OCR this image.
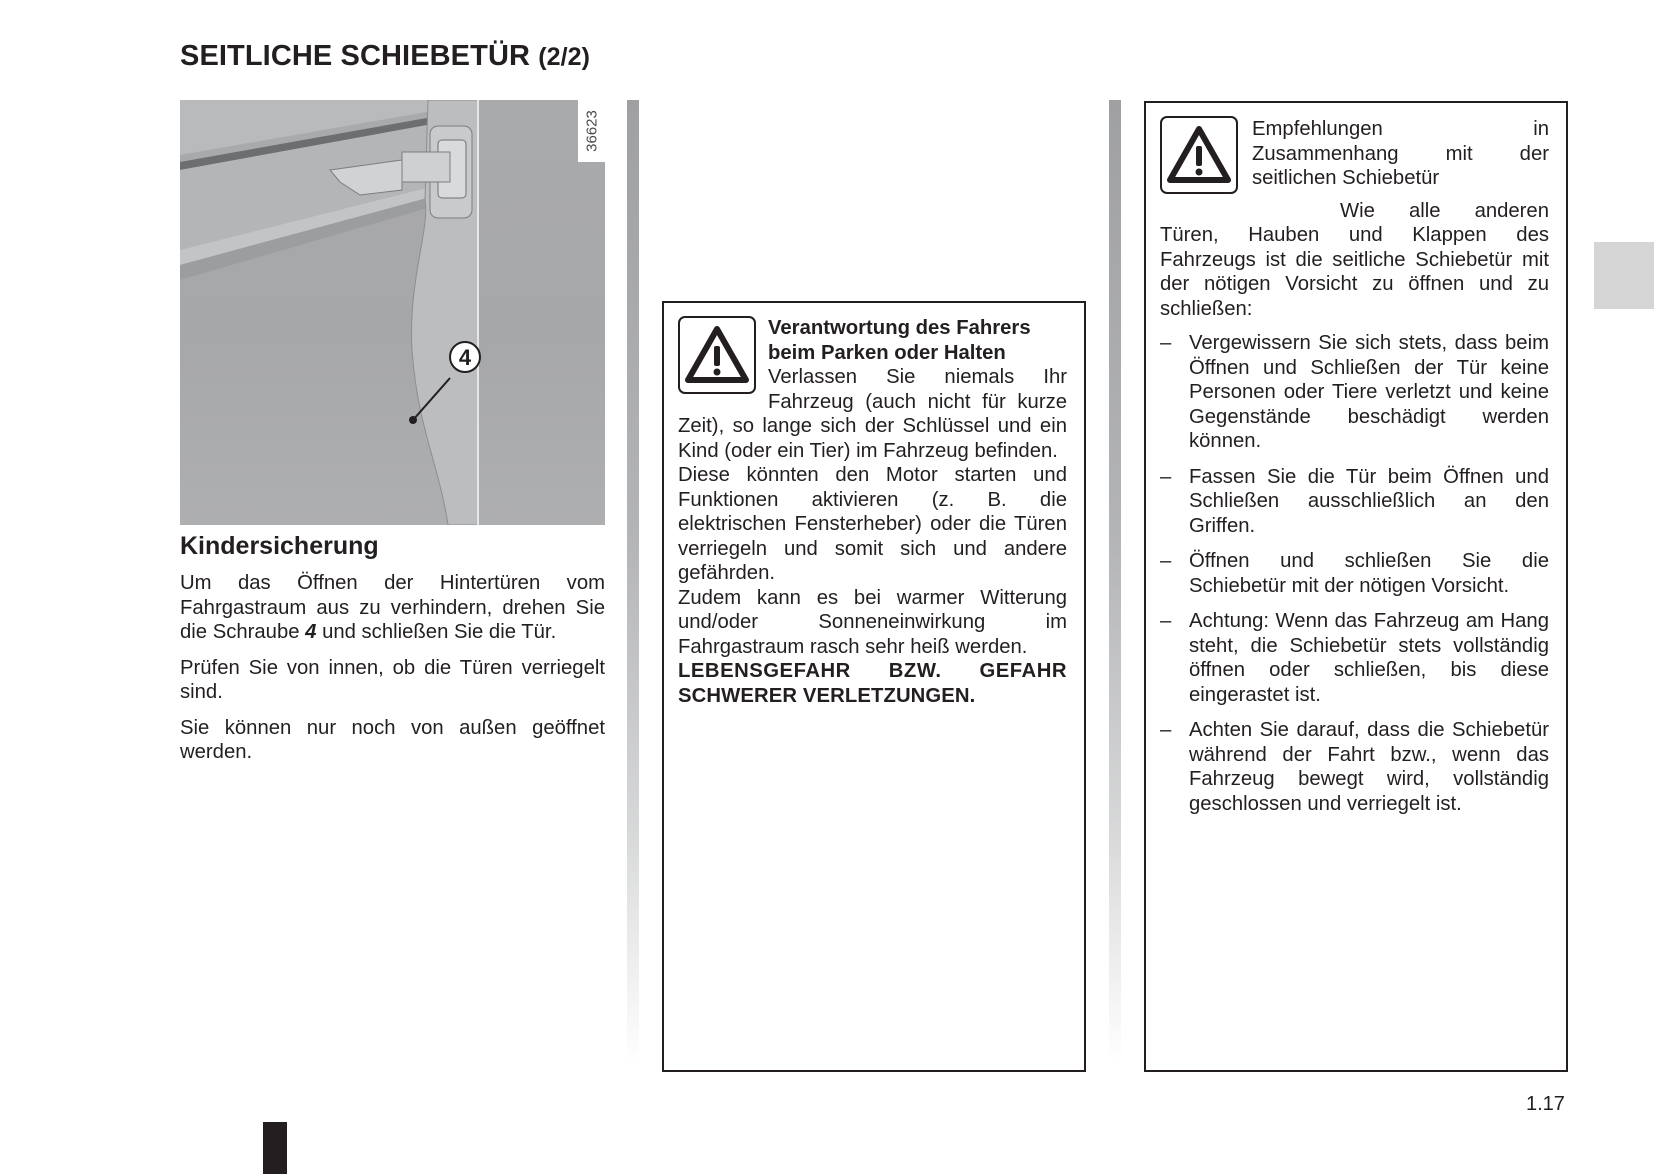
SEITLICHE SCHIEBETÜR (2/2)
4
36623
Kindersicherung

Um das Öffnen der Hintertüren vom Fahrgastraum aus zu verhindern, drehen Sie die Schraube 4 und schließen Sie die Tür.

Prüfen Sie von innen, ob die Türen verriegelt sind.

Sie können nur noch von außen geöffnet werden.

Verantwortung des Fahrers beim Parken oder Halten
Verlassen Sie niemals Ihr Fahrzeug (auch nicht für kurze Zeit), so lange sich der Schlüssel und ein Kind (oder ein Tier) im Fahrzeug befinden.
Diese könnten den Motor starten und Funktionen aktivieren (z. B. die elektrischen Fensterheber) oder die Türen verriegeln und somit sich und andere gefährden.
Zudem kann es bei warmer Witterung und/oder Sonneneinwirkung im Fahrgastraum rasch sehr heiß werden.
LEBENSGEFAHR BZW. GEFAHR
SCHWERER VERLETZUNGEN.
Empfehlungen in Zusammenhang mit der seitlichen Schiebetür

Wie alle anderen Türen, Hauben und Klappen des Fahrzeugs ist die seitliche Schiebetür mit der nötigen Vorsicht zu öffnen und zu schließen:

– Vergewissern Sie sich stets, dass beim Öffnen und Schließen der Tür keine Personen oder Tiere verletzt und keine Gegenstände beschädigt werden können.
– Fassen Sie die Tür beim Öffnen und Schließen ausschließlich an den Griffen.
– Öffnen und schließen Sie die Schiebetür mit der nötigen Vorsicht.
– Achtung: Wenn das Fahrzeug am Hang steht, die Schiebetür stets vollständig öffnen oder schließen, bis diese eingerastet ist.
– Achten Sie darauf, dass die Schiebetür während der Fahrt bzw., wenn das Fahrzeug bewegt wird, vollständig geschlossen und verriegelt ist.
1.17
